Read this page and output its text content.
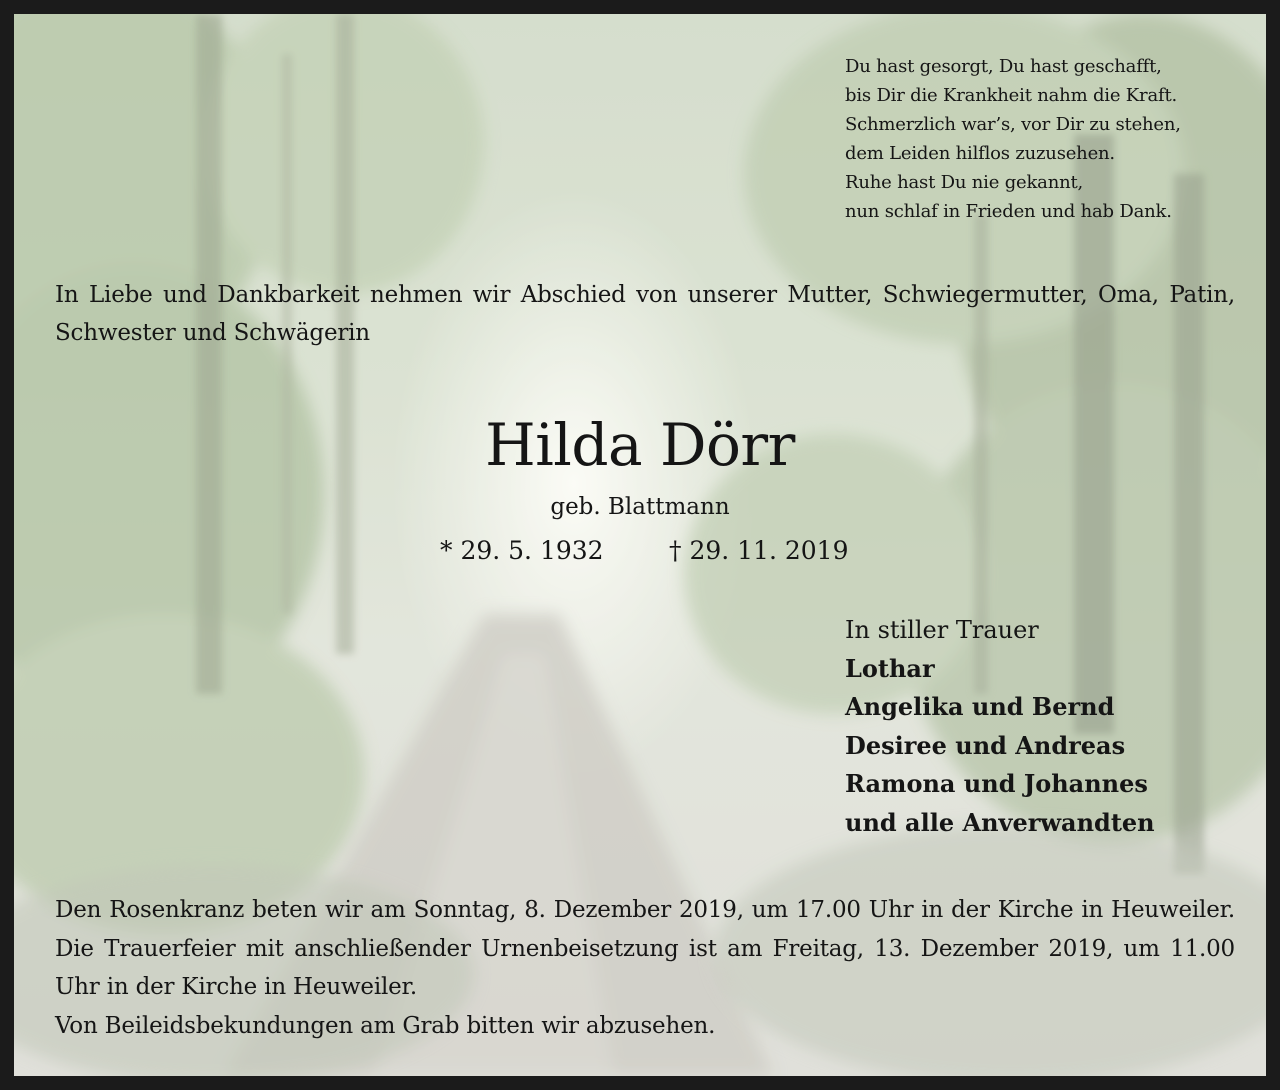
Du hast gesorgt, Du hast geschafft,
bis Dir die Krankheit nahm die Kraft.
Schmerzlich war’s, vor Dir zu stehen,
dem Leiden hilflos zuzusehen.
Ruhe hast Du nie gekannt,
nun schlaf in Frieden und hab Dank.
In Liebe und Dankbarkeit nehmen wir Abschied von unserer Mutter, Schwiegermutter, Oma, Patin, Schwester und Schwägerin
Hilda Dörr
geb. Blattmann
* 29. 5. 1932	† 29. 11. 2019
In stiller Trauer
Lothar
Angelika und Bernd
Desiree und Andreas
Ramona und Johannes
und alle Anverwandten
Den Rosenkranz beten wir am Sonntag, 8. Dezember 2019, um 17.00 Uhr in der Kirche in Heuweiler. Die Trauerfeier mit anschließender Urnenbeisetzung ist am Freitag, 13. Dezember 2019, um 11.00 Uhr in der Kirche in Heuweiler.
Von Beileidsbekundungen am Grab bitten wir abzusehen.
